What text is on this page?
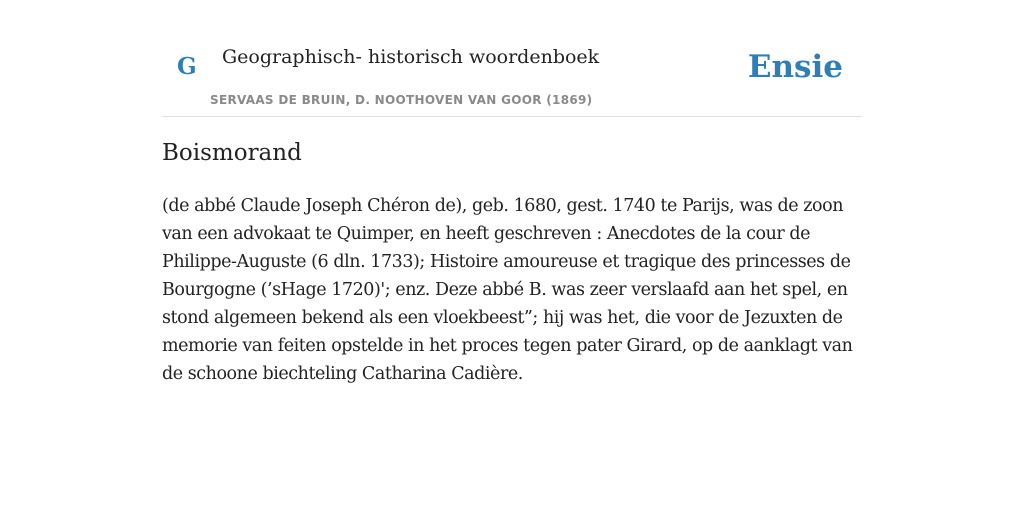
G Geographisch- historisch woordenboek
SERVAAS DE BRUIN, D. NOOTHOVEN VAN GOOR (1869)
Ensie
Boismorand

(de abbé Claude Joseph Chéron de), geb. 1680, gest. 1740 te Parijs, was de zoon van een advokaat te Quimper, en heeft geschreven : Anecdotes de la cour de Philippe-Auguste (6 dln. 1733); Histoire amoureuse et tragique des princesses de Bourgogne (’sHage 1720)'; enz. Deze abbé B. was zeer verslaafd aan het spel, en stond algemeen bekend als een vloekbeest”; hij was het, die voor de Jezuxten de memorie van feiten opstelde in het proces tegen pater Girard, op de aanklagt van de schoone biechteling Catharina Cadière.
